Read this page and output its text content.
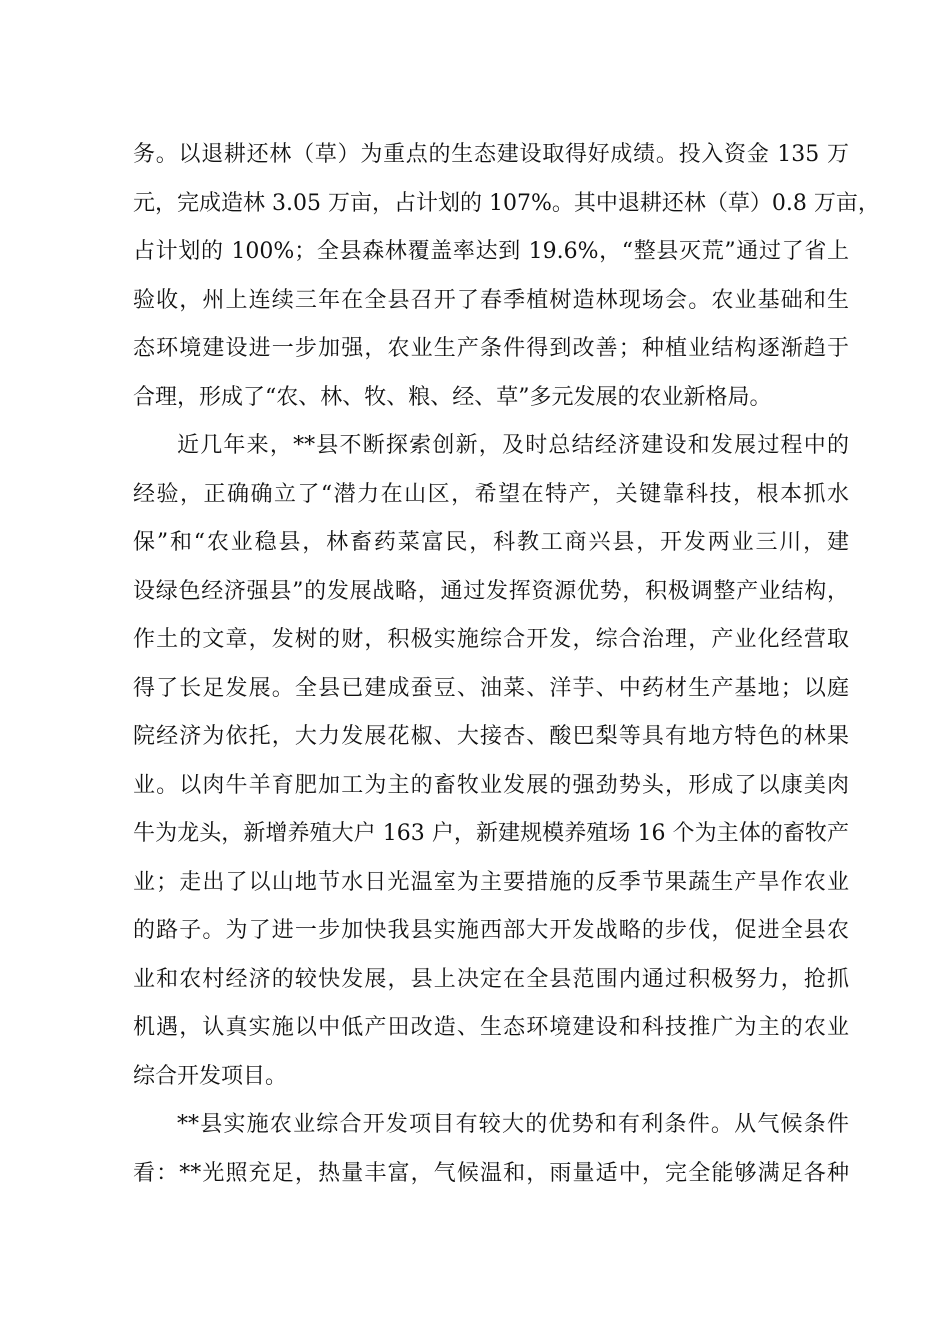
务。以退耕还林（草）为重点的生态建设取得好成绩。投入资金 135 万
元，完成造林 3.05 万亩，占计划的 107%。其中退耕还林（草）0.8 万亩，
占计划的 100%；全县森林覆盖率达到 19.6%，“整县灭荒”通过了省上
验收，州上连续三年在全县召开了春季植树造林现场会。农业基础和生
态环境建设进一步加强，农业生产条件得到改善；种植业结构逐渐趋于
合理，形成了“农、林、牧、粮、经、草”多元发展的农业新格局。
近几年来，**县不断探索创新，及时总结经济建设和发展过程中的
经验，正确确立了“潜力在山区，希望在特产，关键靠科技，根本抓水
保”和“农业稳县，林畜药菜富民，科教工商兴县，开发两业三川，建
设绿色经济强县”的发展战略，通过发挥资源优势，积极调整产业结构，
作土的文章，发树的财，积极实施综合开发，综合治理，产业化经营取
得了长足发展。全县已建成蚕豆、油菜、洋芋、中药材生产基地；以庭
院经济为依托，大力发展花椒、大接杏、酸巴梨等具有地方特色的林果
业。以肉牛羊育肥加工为主的畜牧业发展的强劲势头，形成了以康美肉
牛为龙头，新增养殖大户 163 户，新建规模养殖场 16 个为主体的畜牧产
业；走出了以山地节水日光温室为主要措施的反季节果蔬生产旱作农业
的路子。为了进一步加快我县实施西部大开发战略的步伐，促进全县农
业和农村经济的较快发展，县上决定在全县范围内通过积极努力，抢抓
机遇，认真实施以中低产田改造、生态环境建设和科技推广为主的农业
综合开发项目。
**县实施农业综合开发项目有较大的优势和有利条件。从气候条件
看：**光照充足，热量丰富，气候温和，雨量适中，完全能够满足各种
